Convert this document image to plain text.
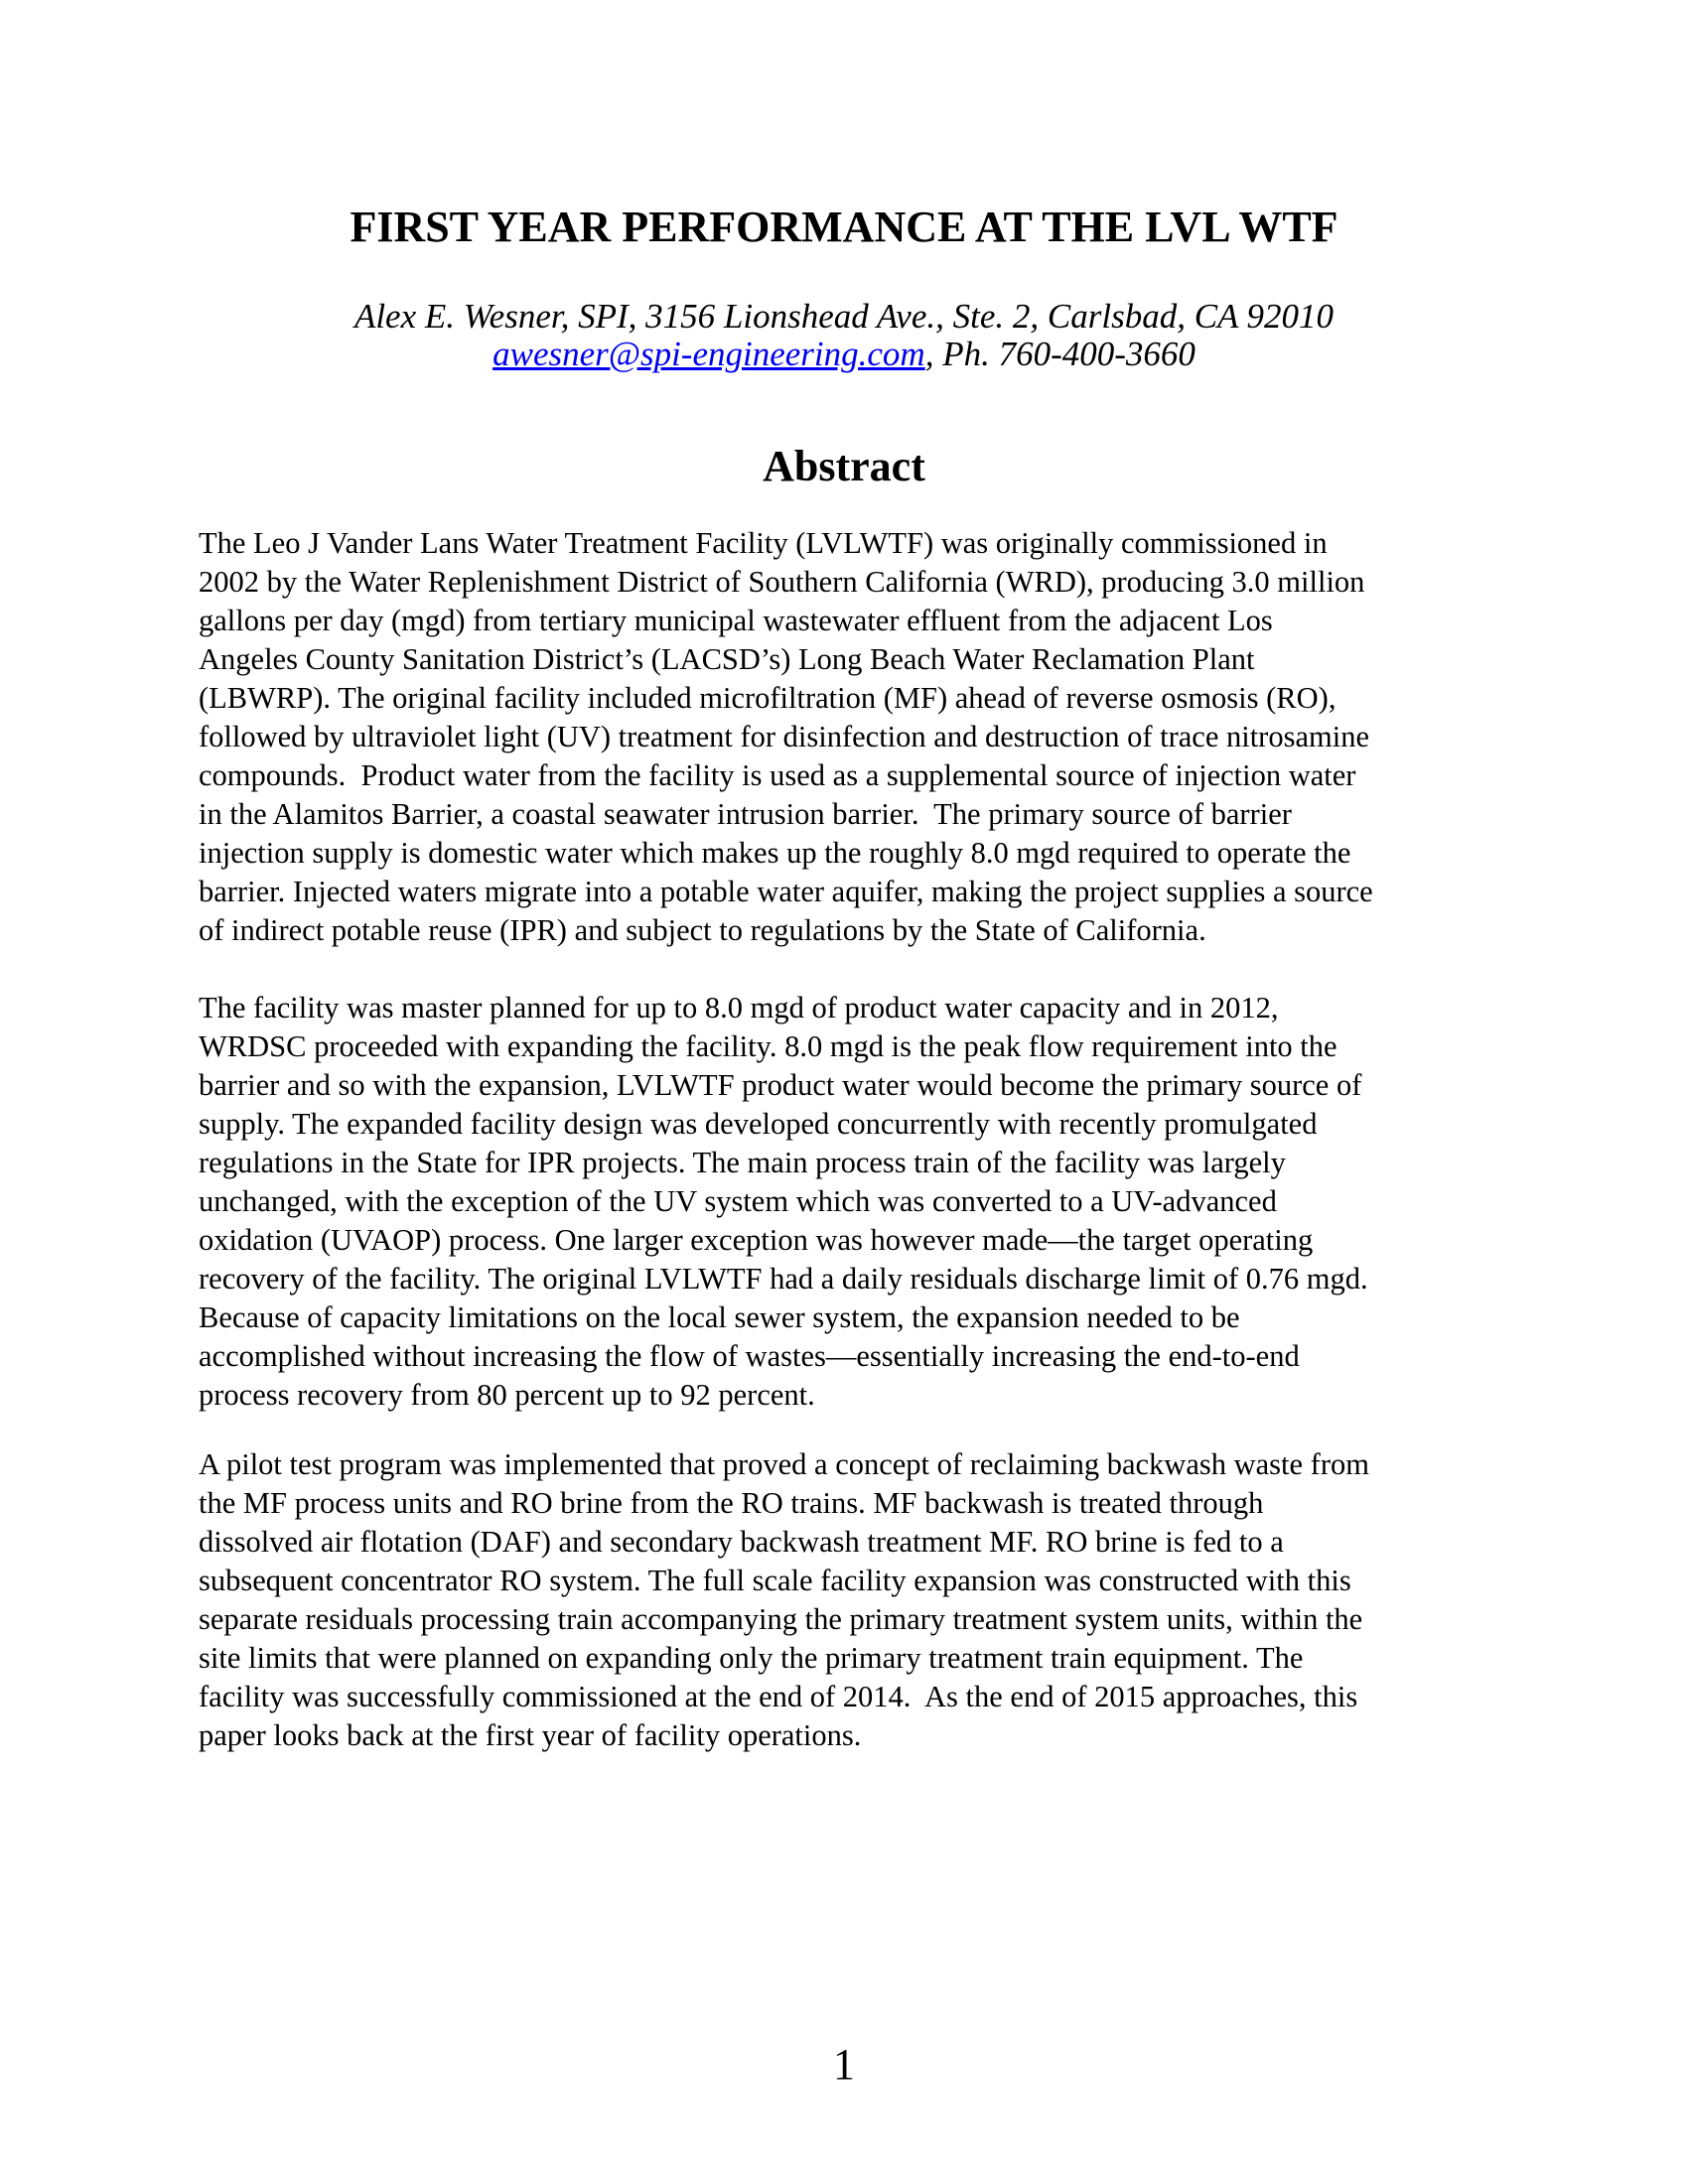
FIRST YEAR PERFORMANCE AT THE LVL WTF
Alex E. Wesner, SPI, 3156 Lionshead Ave., Ste. 2, Carlsbad, CA 92010
awesner@spi-engineering.com, Ph. 760-400-3660
Abstract
The Leo J Vander Lans Water Treatment Facility (LVLWTF) was originally commissioned in
2002 by the Water Replenishment District of Southern California (WRD), producing 3.0 million
gallons per day (mgd) from tertiary municipal wastewater effluent from the adjacent Los
Angeles County Sanitation District’s (LACSD’s) Long Beach Water Reclamation Plant
(LBWRP). The original facility included microfiltration (MF) ahead of reverse osmosis (RO),
followed by ultraviolet light (UV) treatment for disinfection and destruction of trace nitrosamine
compounds.  Product water from the facility is used as a supplemental source of injection water
in the Alamitos Barrier, a coastal seawater intrusion barrier.  The primary source of barrier
injection supply is domestic water which makes up the roughly 8.0 mgd required to operate the
barrier. Injected waters migrate into a potable water aquifer, making the project supplies a source
of indirect potable reuse (IPR) and subject to regulations by the State of California.
The facility was master planned for up to 8.0 mgd of product water capacity and in 2012,
WRDSC proceeded with expanding the facility. 8.0 mgd is the peak flow requirement into the
barrier and so with the expansion, LVLWTF product water would become the primary source of
supply. The expanded facility design was developed concurrently with recently promulgated
regulations in the State for IPR projects. The main process train of the facility was largely
unchanged, with the exception of the UV system which was converted to a UV-advanced
oxidation (UVAOP) process. One larger exception was however made—the target operating
recovery of the facility. The original LVLWTF had a daily residuals discharge limit of 0.76 mgd.
Because of capacity limitations on the local sewer system, the expansion needed to be
accomplished without increasing the flow of wastes—essentially increasing the end-to-end
process recovery from 80 percent up to 92 percent.
A pilot test program was implemented that proved a concept of reclaiming backwash waste from
the MF process units and RO brine from the RO trains. MF backwash is treated through
dissolved air flotation (DAF) and secondary backwash treatment MF. RO brine is fed to a
subsequent concentrator RO system. The full scale facility expansion was constructed with this
separate residuals processing train accompanying the primary treatment system units, within the
site limits that were planned on expanding only the primary treatment train equipment. The
facility was successfully commissioned at the end of 2014.  As the end of 2015 approaches, this
paper looks back at the first year of facility operations.
1
